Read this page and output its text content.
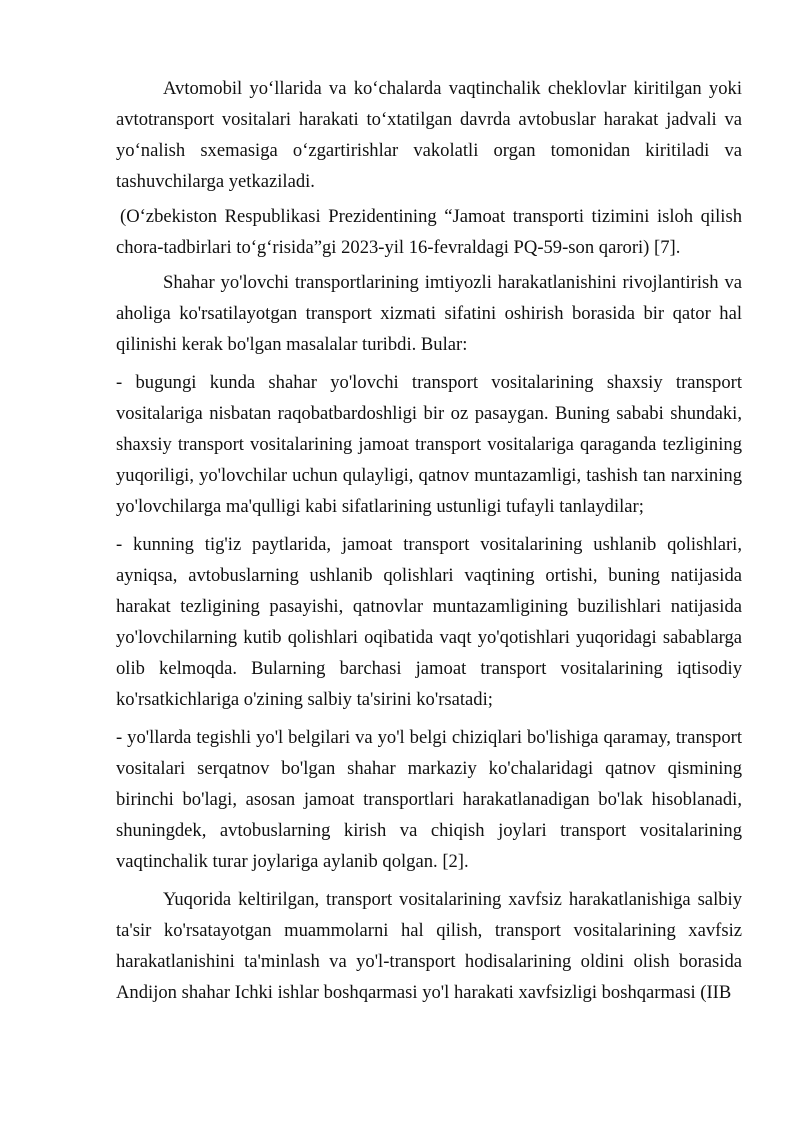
Avtomobil yo‘llarida va ko‘chalarda vaqtinchalik cheklovlar kiritilgan yoki avtotransport vositalari harakati to‘xtatilgan davrda avtobuslar harakat jadvali va yo‘nalish sxemasiga o‘zgartirishlar vakolatli organ tomonidan kiritiladi va tashuvchilarga yetkaziladi.

(O‘zbekiston Respublikasi Prezidentining “Jamoat transporti tizimini isloh qilish chora-tadbirlari to‘g‘risida”gi 2023-yil 16-fevraldagi PQ-59-son qarori) [7].

Shahar yo'lovchi transportlarining imtiyozli harakatlanishini rivojlantirish va aholiga ko'rsatilayotgan transport xizmati sifatini oshirish borasida bir qator hal qilinishi kerak bo'lgan masalalar turibdi. Bular:

- bugungi kunda shahar yo'lovchi transport vositalarining shaxsiy transport vositalariga nisbatan raqobatbardoshligi bir oz pasaygan. Buning sababi shundaki, shaxsiy transport vositalarining jamoat transport vositalariga qaraganda tezligining yuqoriligi, yo'lovchilar uchun qulayligi, qatnov muntazamligi, tashish tan narxining yo'lovchilarga ma'qulligi kabi sifatlarining ustunligi tufayli tanlaydilar;

- kunning tig'iz paytlarida, jamoat transport vositalarining ushlanib qolishlari, ayniqsa, avtobuslarning ushlanib qolishlari vaqtining ortishi, buning natijasida harakat tezligining pasayishi, qatnovlar muntazamligining buzilishlari natijasida yo'lovchilarning kutib qolishlari oqibatida vaqt yo'qotishlari yuqoridagi sabablarga olib kelmoqda. Bularning barchasi jamoat transport vositalarining iqtisodiy ko'rsatkichlariga o'zining salbiy ta'sirini ko'rsatadi;

- yo'llarda tegishli yo'l belgilari va yo'l belgi chiziqlari bo'lishiga qaramay, transport vositalari serqatnov bo'lgan shahar markaziy ko'chalaridagi qatnov qismining birinchi bo'lagi, asosan jamoat transportlari harakatlanadigan bo'lak hisoblanadi, shuningdek, avtobuslarning kirish va chiqish joylari transport vositalarining vaqtinchalik turar joylariga aylanib qolgan. [2].

Yuqorida keltirilgan, transport vositalarining xavfsiz harakatlanishiga salbiy ta'sir ko'rsatayotgan muammolarni hal qilish, transport vositalarining xavfsiz harakatlanishini ta'minlash va yo'l-transport hodisalarining oldini olish borasida Andijon shahar Ichki ishlar boshqarmasi yo'l harakati xavfsizligi boshqarmasi (IIB
